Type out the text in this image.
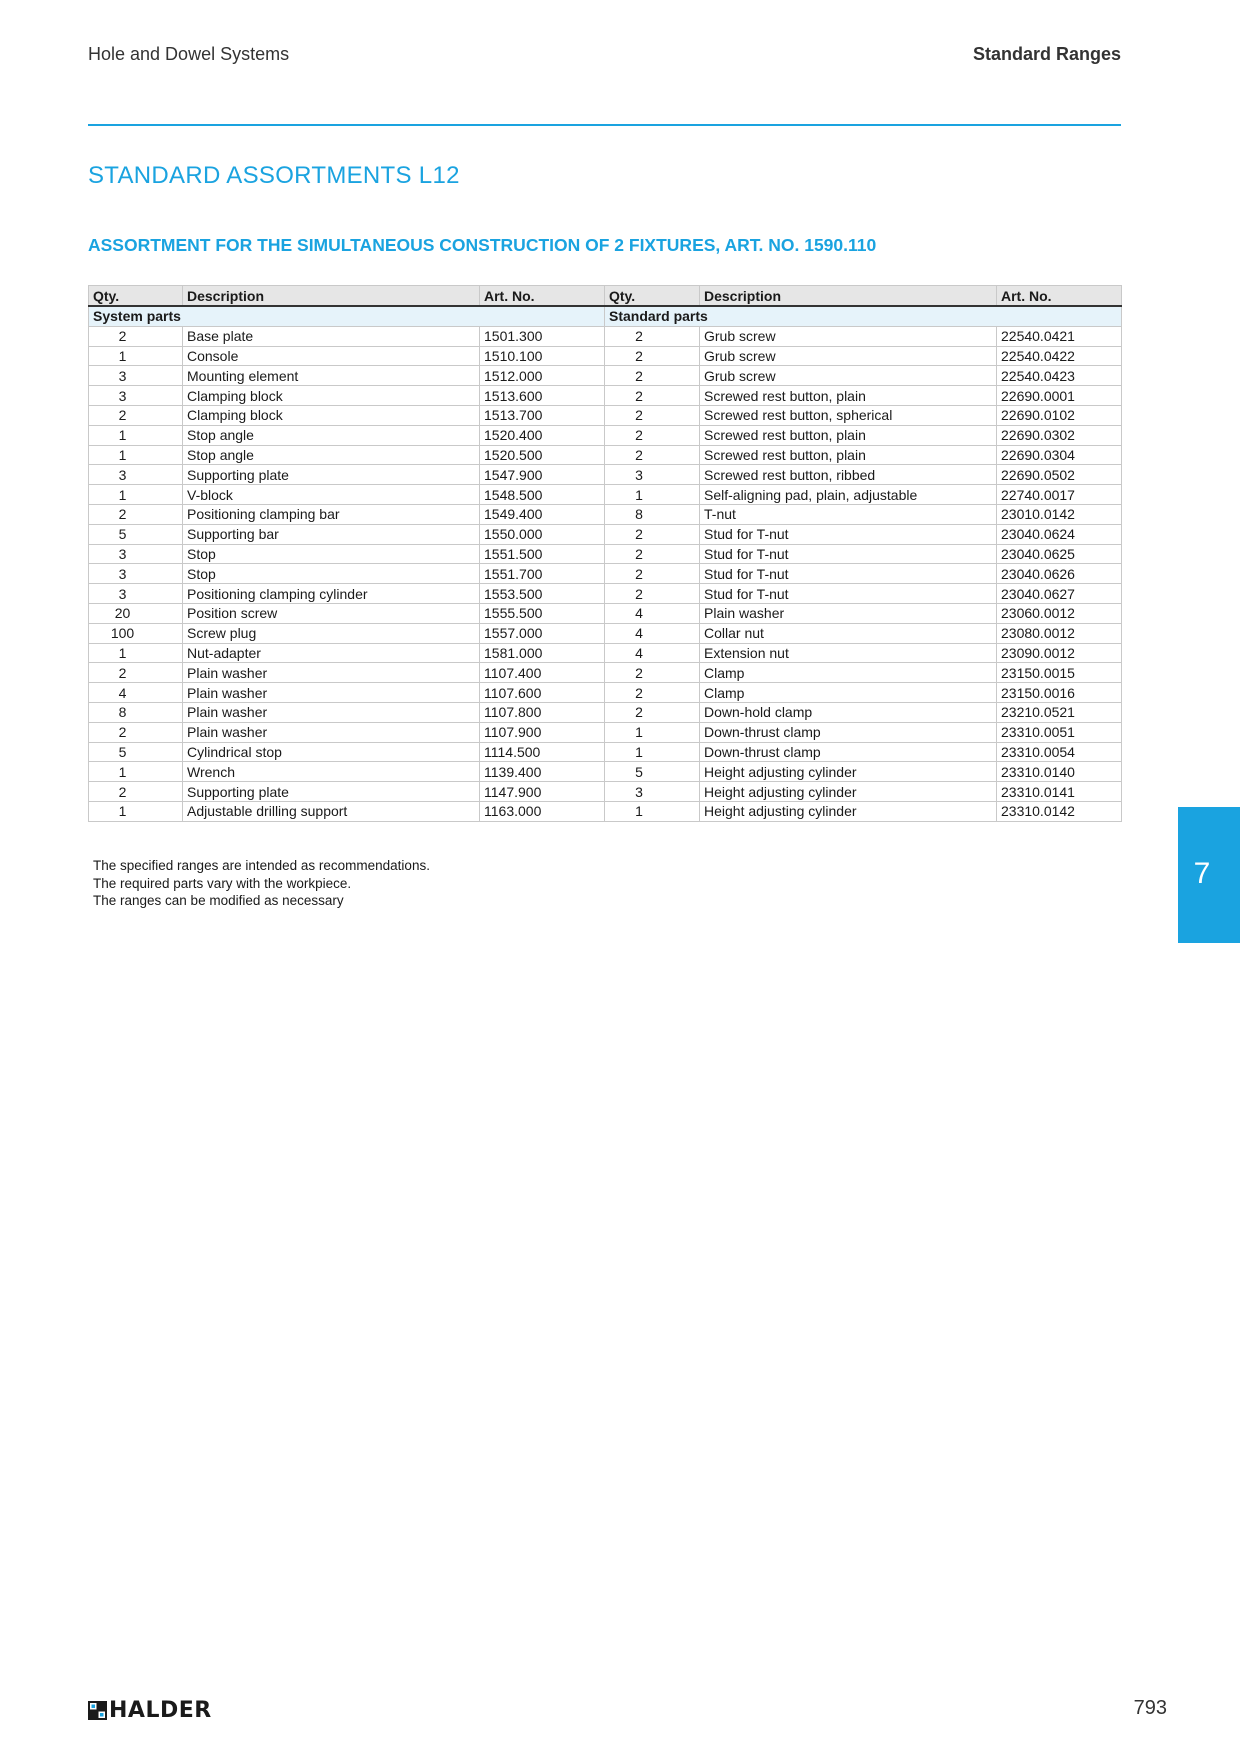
Hole and Dowel Systems	Standard Ranges
STANDARD ASSORTMENTS L12
ASSORTMENT FOR THE SIMULTANEOUS CONSTRUCTION OF 2 FIXTURES, ART. NO. 1590.110
Qty.	Description	Art. No.	Qty.	Description	Art. No.
System parts			Standard parts		
2	Base plate	1501.300	2	Grub screw	22540.0421
1	Console	1510.100	2	Grub screw	22540.0422
3	Mounting element	1512.000	2	Grub screw	22540.0423
3	Clamping block	1513.600	2	Screwed rest button, plain	22690.0001
2	Clamping block	1513.700	2	Screwed rest button, spherical	22690.0102
1	Stop angle	1520.400	2	Screwed rest button, plain	22690.0302
1	Stop angle	1520.500	2	Screwed rest button, plain	22690.0304
3	Supporting plate	1547.900	3	Screwed rest button, ribbed	22690.0502
1	V-block	1548.500	1	Self-aligning pad, plain, adjustable	22740.0017
2	Positioning clamping bar	1549.400	8	T-nut	23010.0142
5	Supporting bar	1550.000	2	Stud for T-nut	23040.0624
3	Stop	1551.500	2	Stud for T-nut	23040.0625
3	Stop	1551.700	2	Stud for T-nut	23040.0626
3	Positioning clamping cylinder	1553.500	2	Stud for T-nut	23040.0627
20	Position screw	1555.500	4	Plain washer	23060.0012
100	Screw plug	1557.000	4	Collar nut	23080.0012
1	Nut-adapter	1581.000	4	Extension nut	23090.0012
2	Plain washer	1107.400	2	Clamp	23150.0015
4	Plain washer	1107.600	2	Clamp	23150.0016
8	Plain washer	1107.800	2	Down-hold clamp	23210.0521
2	Plain washer	1107.900	1	Down-thrust clamp	23310.0051
5	Cylindrical stop	1114.500	1	Down-thrust clamp	23310.0054
1	Wrench	1139.400	5	Height adjusting cylinder	23310.0140
2	Supporting plate	1147.900	3	Height adjusting cylinder	23310.0141
1	Adjustable drilling support	1163.000	1	Height adjusting cylinder	23310.0142
The specified ranges are intended as recommendations.
The required parts vary with the workpiece.
The ranges can be modified as necessary
7
HALDER	793
